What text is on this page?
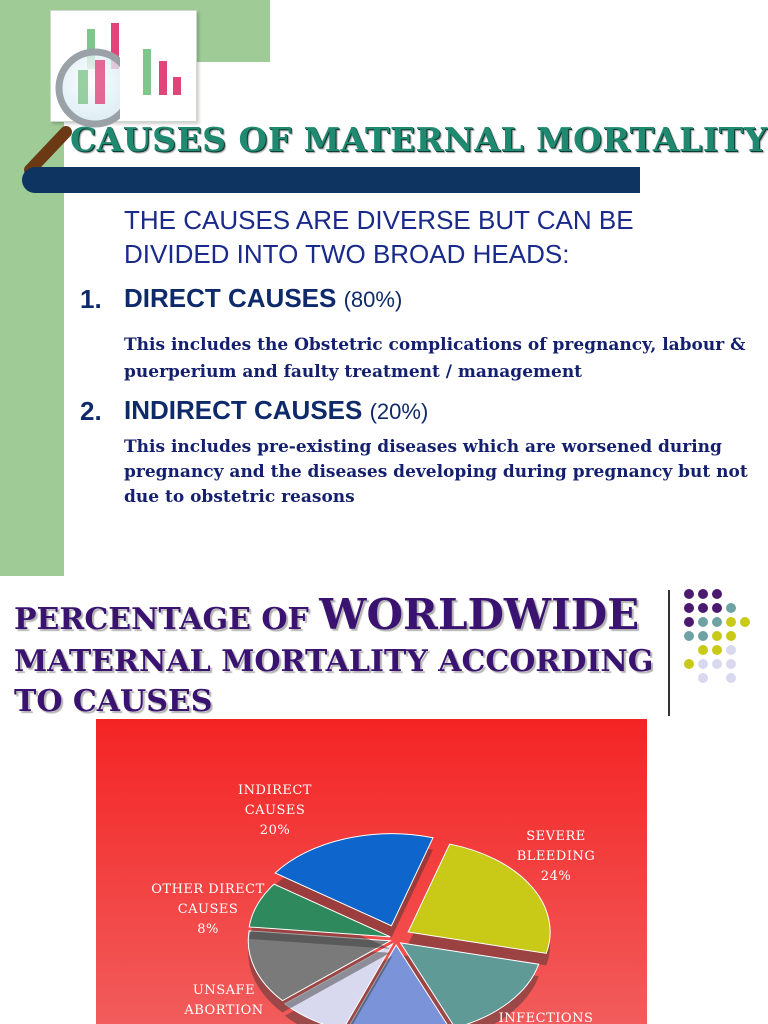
CAUSES OF MATERNAL MORTALITY
THE CAUSES ARE DIVERSE BUT CAN BE DIVIDED INTO TWO BROAD HEADS:
1. DIRECT CAUSES (80%)
This includes the Obstetric complications of pregnancy, labour & puerperium and faulty treatment / management
2. INDIRECT CAUSES (20%)
This includes pre-existing diseases which are worsened during pregnancy and the diseases developing during pregnancy but not due to obstetric reasons
PERCENTAGE OF WORLDWIDE
MATERNAL MORTALITY ACCORDING
TO CAUSES
INDIRECT CAUSES 20%	SEVERE BLEEDING 24%
INFECTIONS
UNSAFE ABORTION
OTHER DIRECT CAUSES 8%
